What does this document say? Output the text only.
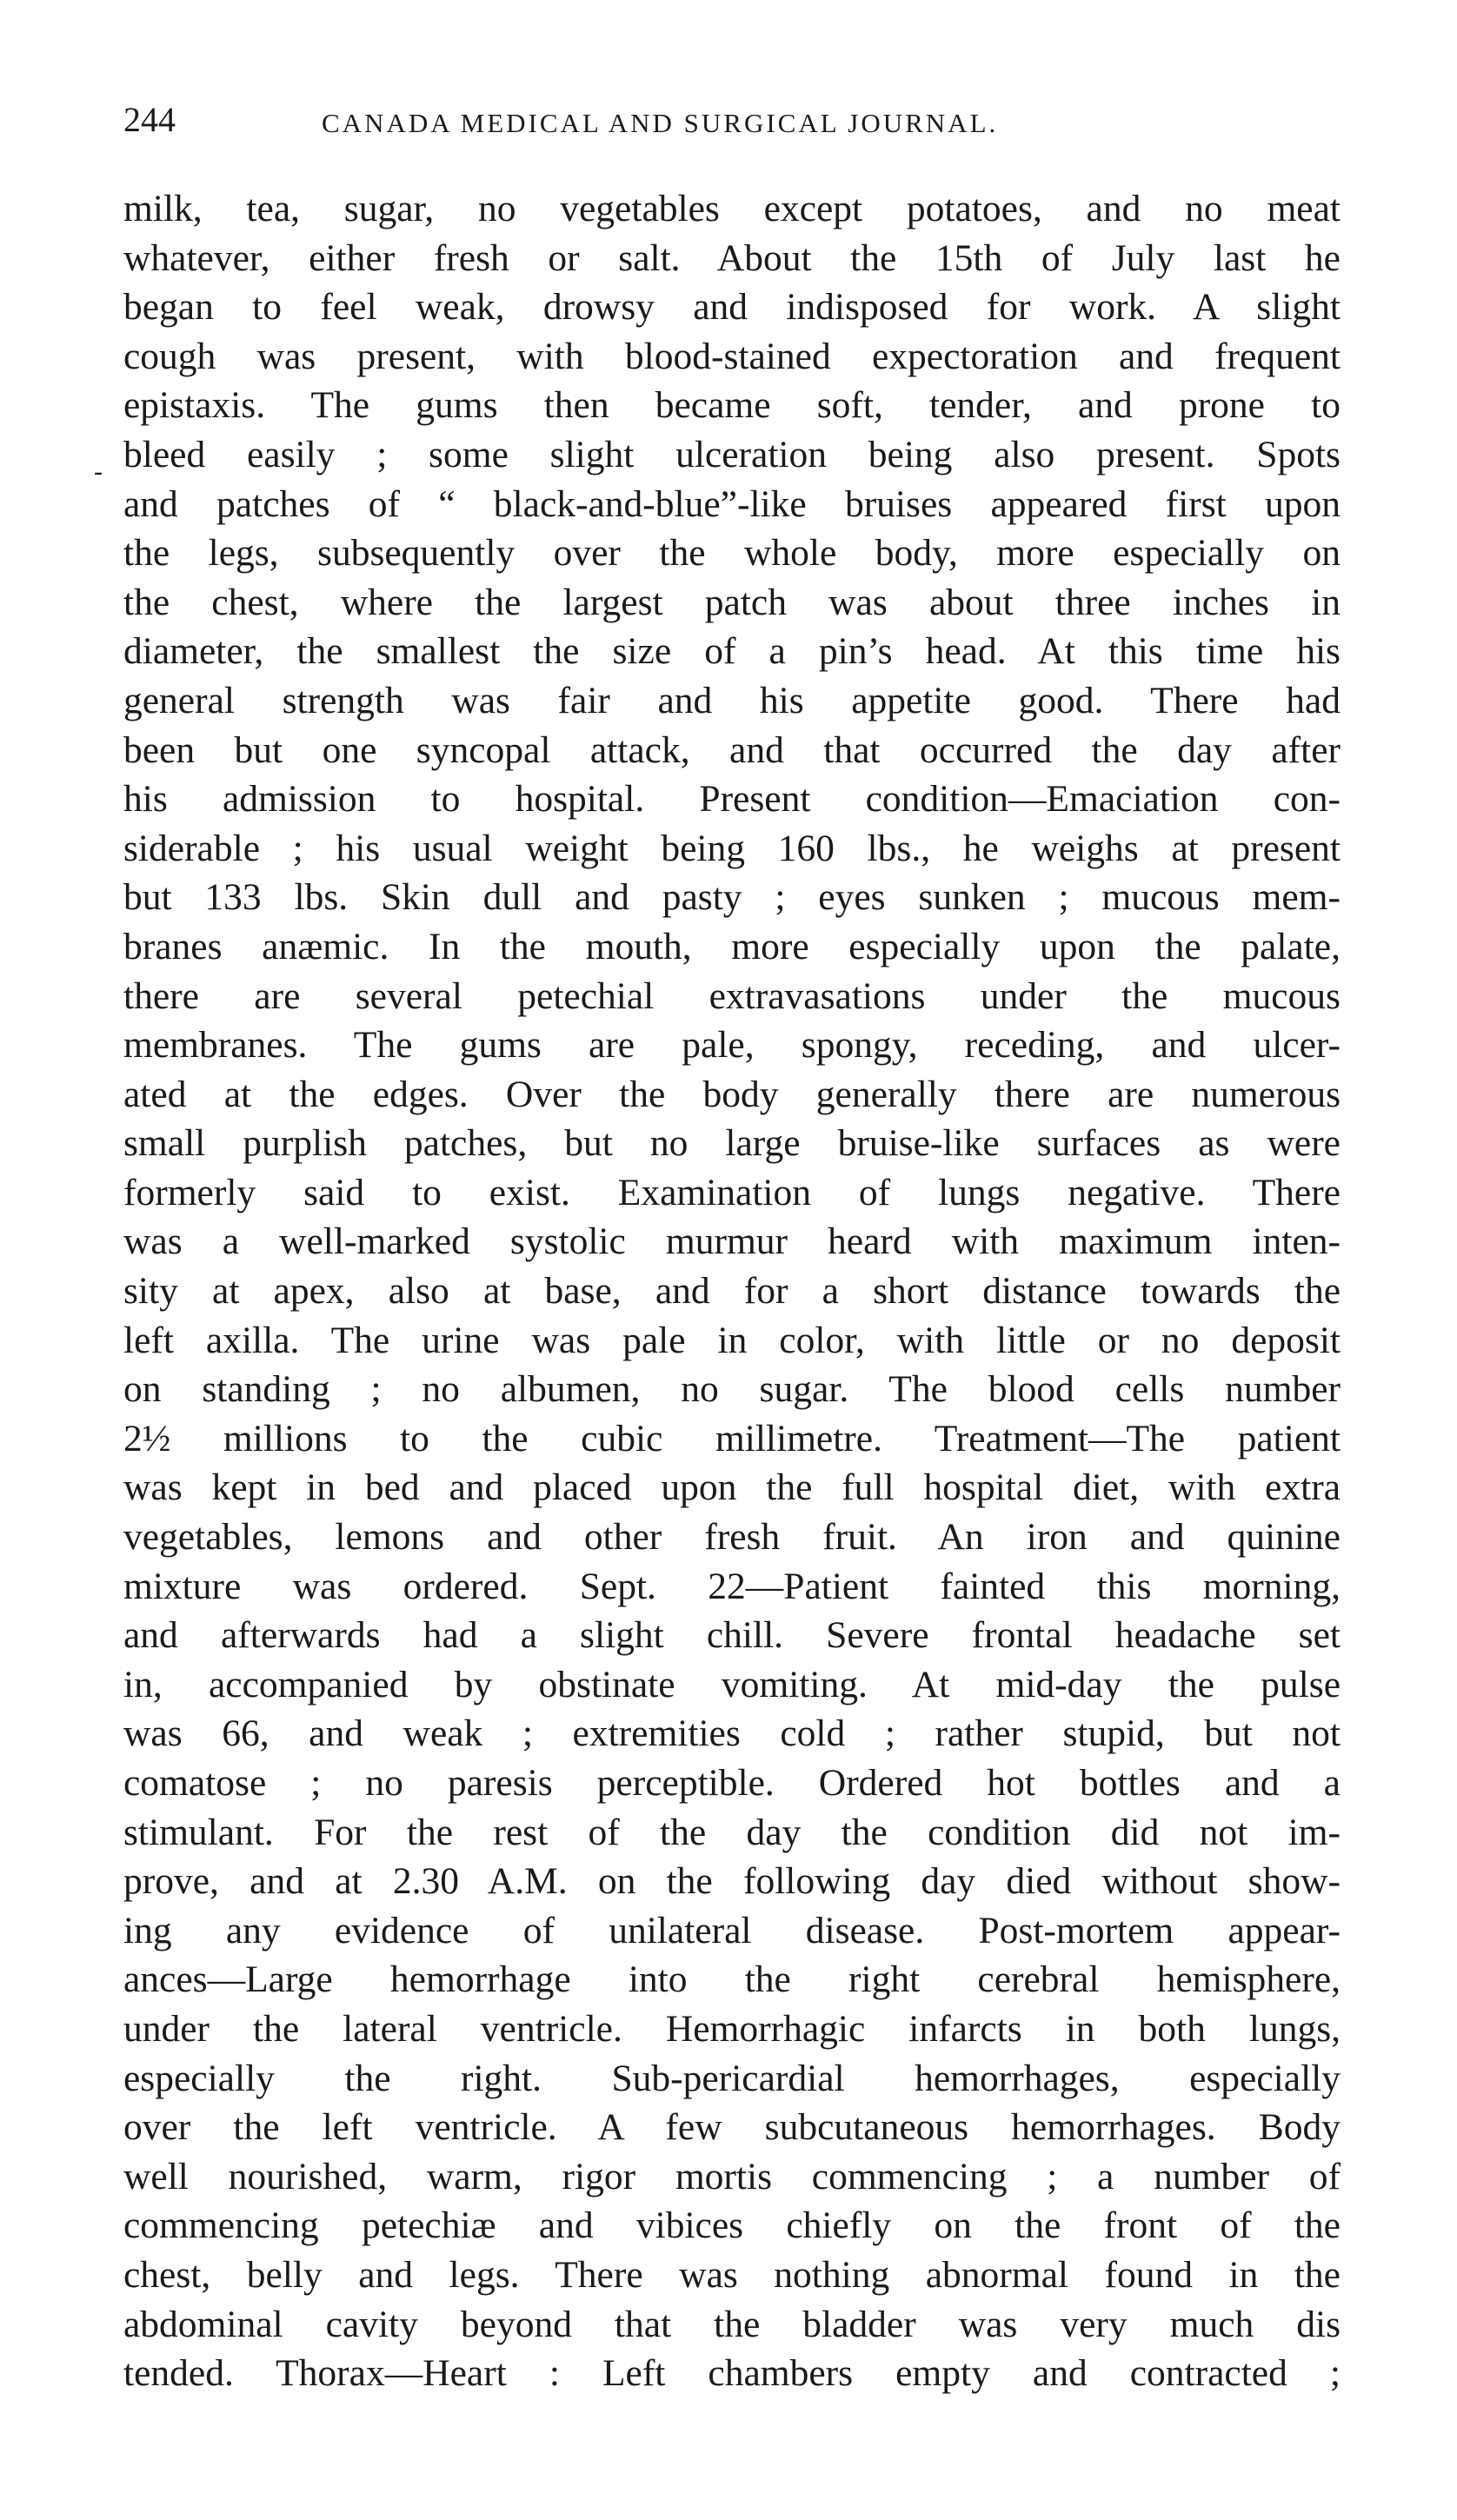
244	CANADA MEDICAL AND SURGICAL JOURNAL.
-
milk, tea, sugar, no vegetables except potatoes, and no meat
whatever, either fresh or salt. About the 15th of July last he
began to feel weak, drowsy and indisposed for work. A slight
cough was present, with blood-stained expectoration and frequent
epistaxis. The gums then became soft, tender, and prone to
bleed easily ; some slight ulceration being also present. Spots
and patches of “ black-and-blue”-like bruises appeared first upon
the legs, subsequently over the whole body, more especially on
the chest, where the largest patch was about three inches in
diameter, the smallest the size of a pin’s head. At this time his
general strength was fair and his appetite good. There had
been but one syncopal attack, and that occurred the day after
his admission to hospital. Present condition—Emaciation con-
siderable ; his usual weight being 160 lbs., he weighs at present
but 133 lbs. Skin dull and pasty ; eyes sunken ; mucous mem-
branes anæmic. In the mouth, more especially upon the palate,
there are several petechial extravasations under the mucous
membranes. The gums are pale, spongy, receding, and ulcer-
ated at the edges. Over the body generally there are numerous
small purplish patches, but no large bruise-like surfaces as were
formerly said to exist. Examination of lungs negative. There
was a well-marked systolic murmur heard with maximum inten-
sity at apex, also at base, and for a short distance towards the
left axilla. The urine was pale in color, with little or no deposit
on standing ; no albumen, no sugar. The blood cells number
2½ millions to the cubic millimetre. Treatment—The patient
was kept in bed and placed upon the full hospital diet, with extra
vegetables, lemons and other fresh fruit. An iron and quinine
mixture was ordered. Sept. 22—Patient fainted this morning,
and afterwards had a slight chill. Severe frontal headache set
in, accompanied by obstinate vomiting. At mid-day the pulse
was 66, and weak ; extremities cold ; rather stupid, but not
comatose ; no paresis perceptible. Ordered hot bottles and a
stimulant. For the rest of the day the condition did not im-
prove, and at 2.30 A.M. on the following day died without show-
ing any evidence of unilateral disease. Post-mortem appear-
ances—Large hemorrhage into the right cerebral hemisphere,
under the lateral ventricle. Hemorrhagic infarcts in both lungs,
especially the right. Sub-pericardial hemorrhages, especially
over the left ventricle. A few subcutaneous hemorrhages. Body
well nourished, warm, rigor mortis commencing ; a number of
commencing petechiæ and vibices chiefly on the front of the
chest, belly and legs. There was nothing abnormal found in the
abdominal cavity beyond that the bladder was very much dis
tended. Thorax—Heart : Left chambers empty and contracted ;
